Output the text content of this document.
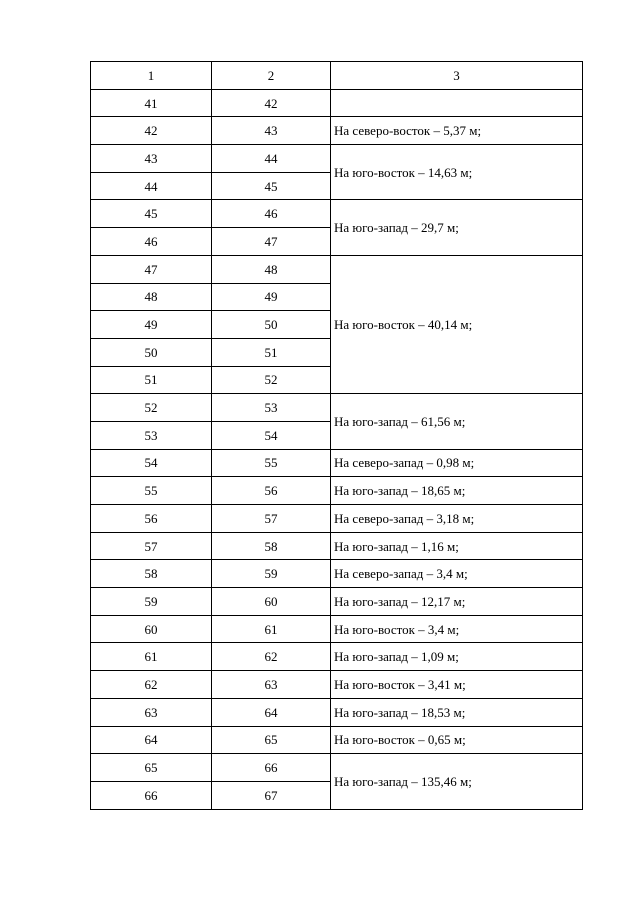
1	2	3
41	42	
42	43	На северо-восток – 5,37 м;
43	44	На юго-восток – 14,63 м;
44	45	
45	46	На юго-запад – 29,7 м;
46	47	
47	48	На юго-восток – 40,14 м;
48	49	
49	50	
50	51	
51	52	
52	53	На юго-запад – 61,56 м;
53	54	
54	55	На северо-запад – 0,98 м;
55	56	На юго-запад – 18,65 м;
56	57	На северо-запад – 3,18 м;
57	58	На юго-запад – 1,16 м;
58	59	На северо-запад – 3,4 м;
59	60	На юго-запад – 12,17 м;
60	61	На юго-восток – 3,4 м;
61	62	На юго-запад – 1,09 м;
62	63	На юго-восток – 3,41 м;
63	64	На юго-запад – 18,53 м;
64	65	На юго-восток – 0,65 м;
65	66	На юго-запад – 135,46 м;
66	67	
